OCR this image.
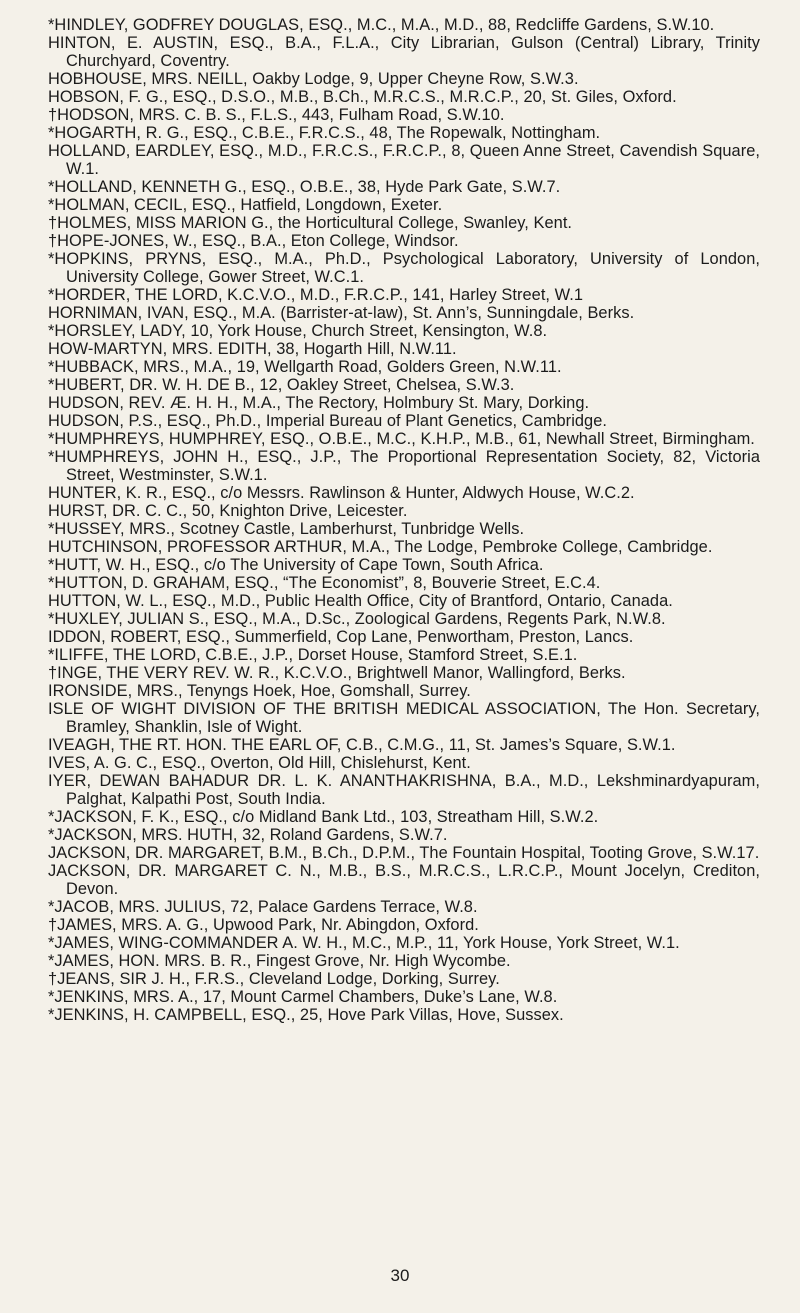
*HINDLEY, GODFREY DOUGLAS, ESQ., M.C., M.A., M.D., 88, Redcliffe Gardens, S.W.10.
HINTON, E. AUSTIN, ESQ., B.A., F.L.A., City Librarian, Gulson (Central) Library, Trinity Churchyard, Coventry.
HOBHOUSE, MRS. NEILL, Oakby Lodge, 9, Upper Cheyne Row, S.W.3.
HOBSON, F. G., ESQ., D.S.O., M.B., B.Ch., M.R.C.S., M.R.C.P., 20, St. Giles, Oxford.
†HODSON, MRS. C. B. S., F.L.S., 443, Fulham Road, S.W.10.
*HOGARTH, R. G., ESQ., C.B.E., F.R.C.S., 48, The Ropewalk, Nottingham.
HOLLAND, EARDLEY, ESQ., M.D., F.R.C.S., F.R.C.P., 8, Queen Anne Street, Cavendish Square, W.1.
*HOLLAND, KENNETH G., ESQ., O.B.E., 38, Hyde Park Gate, S.W.7.
*HOLMAN, CECIL, ESQ., Hatfield, Longdown, Exeter.
†HOLMES, MISS MARION G., the Horticultural College, Swanley, Kent.
†HOPE-JONES, W., ESQ., B.A., Eton College, Windsor.
*HOPKINS, PRYNS, ESQ., M.A., Ph.D., Psychological Laboratory, University of London, University College, Gower Street, W.C.1.
*HORDER, THE LORD, K.C.V.O., M.D., F.R.C.P., 141, Harley Street, W.1
HORNIMAN, IVAN, ESQ., M.A. (Barrister-at-law), St. Ann’s, Sunningdale, Berks.
*HORSLEY, LADY, 10, York House, Church Street, Kensington, W.8.
HOW-MARTYN, MRS. EDITH, 38, Hogarth Hill, N.W.11.
*HUBBACK, MRS., M.A., 19, Wellgarth Road, Golders Green, N.W.11.
*HUBERT, DR. W. H. DE B., 12, Oakley Street, Chelsea, S.W.3.
HUDSON, REV. Æ. H. H., M.A., The Rectory, Holmbury St. Mary, Dorking.
HUDSON, P.S., ESQ., Ph.D., Imperial Bureau of Plant Genetics, Cambridge.
*HUMPHREYS, HUMPHREY, ESQ., O.B.E., M.C., K.H.P., M.B., 61, Newhall Street, Birmingham.
*HUMPHREYS, JOHN H., ESQ., J.P., The Proportional Representation Society, 82, Victoria Street, Westminster, S.W.1.
HUNTER, K. R., ESQ., c/o Messrs. Rawlinson & Hunter, Aldwych House, W.C.2.
HURST, DR. C. C., 50, Knighton Drive, Leicester.
*HUSSEY, MRS., Scotney Castle, Lamberhurst, Tunbridge Wells.
HUTCHINSON, PROFESSOR ARTHUR, M.A., The Lodge, Pembroke College, Cambridge.
*HUTT, W. H., ESQ., c/o The University of Cape Town, South Africa.
*HUTTON, D. GRAHAM, ESQ., “The Economist”, 8, Bouverie Street, E.C.4.
HUTTON, W. L., ESQ., M.D., Public Health Office, City of Brantford, Ontario, Canada.
*HUXLEY, JULIAN S., ESQ., M.A., D.Sc., Zoological Gardens, Regents Park, N.W.8.
IDDON, ROBERT, ESQ., Summerfield, Cop Lane, Penwortham, Preston, Lancs.
*ILIFFE, THE LORD, C.B.E., J.P., Dorset House, Stamford Street, S.E.1.
†INGE, THE VERY REV. W. R., K.C.V.O., Brightwell Manor, Wallingford, Berks.
IRONSIDE, MRS., Tenyngs Hoek, Hoe, Gomshall, Surrey.
ISLE OF WIGHT DIVISION OF THE BRITISH MEDICAL ASSOCIATION, The Hon. Secretary, Bramley, Shanklin, Isle of Wight.
IVEAGH, THE RT. HON. THE EARL OF, C.B., C.M.G., 11, St. James’s Square, S.W.1.
IVES, A. G. C., ESQ., Overton, Old Hill, Chislehurst, Kent.
IYER, DEWAN BAHADUR DR. L. K. ANANTHAKRISHNA, B.A., M.D., Lekshminardyapuram, Palghat, Kalpathi Post, South India.
*JACKSON, F. K., ESQ., c/o Midland Bank Ltd., 103, Streatham Hill, S.W.2.
*JACKSON, MRS. HUTH, 32, Roland Gardens, S.W.7.
JACKSON, DR. MARGARET, B.M., B.Ch., D.P.M., The Fountain Hospital, Tooting Grove, S.W.17.
JACKSON, DR. MARGARET C. N., M.B., B.S., M.R.C.S., L.R.C.P., Mount Jocelyn, Crediton, Devon.
*JACOB, MRS. JULIUS, 72, Palace Gardens Terrace, W.8.
†JAMES, MRS. A. G., Upwood Park, Nr. Abingdon, Oxford.
*JAMES, WING-COMMANDER A. W. H., M.C., M.P., 11, York House, York Street, W.1.
*JAMES, HON. MRS. B. R., Fingest Grove, Nr. High Wycombe.
†JEANS, SIR J. H., F.R.S., Cleveland Lodge, Dorking, Surrey.
*JENKINS, MRS. A., 17, Mount Carmel Chambers, Duke’s Lane, W.8.
*JENKINS, H. CAMPBELL, ESQ., 25, Hove Park Villas, Hove, Sussex.
30
